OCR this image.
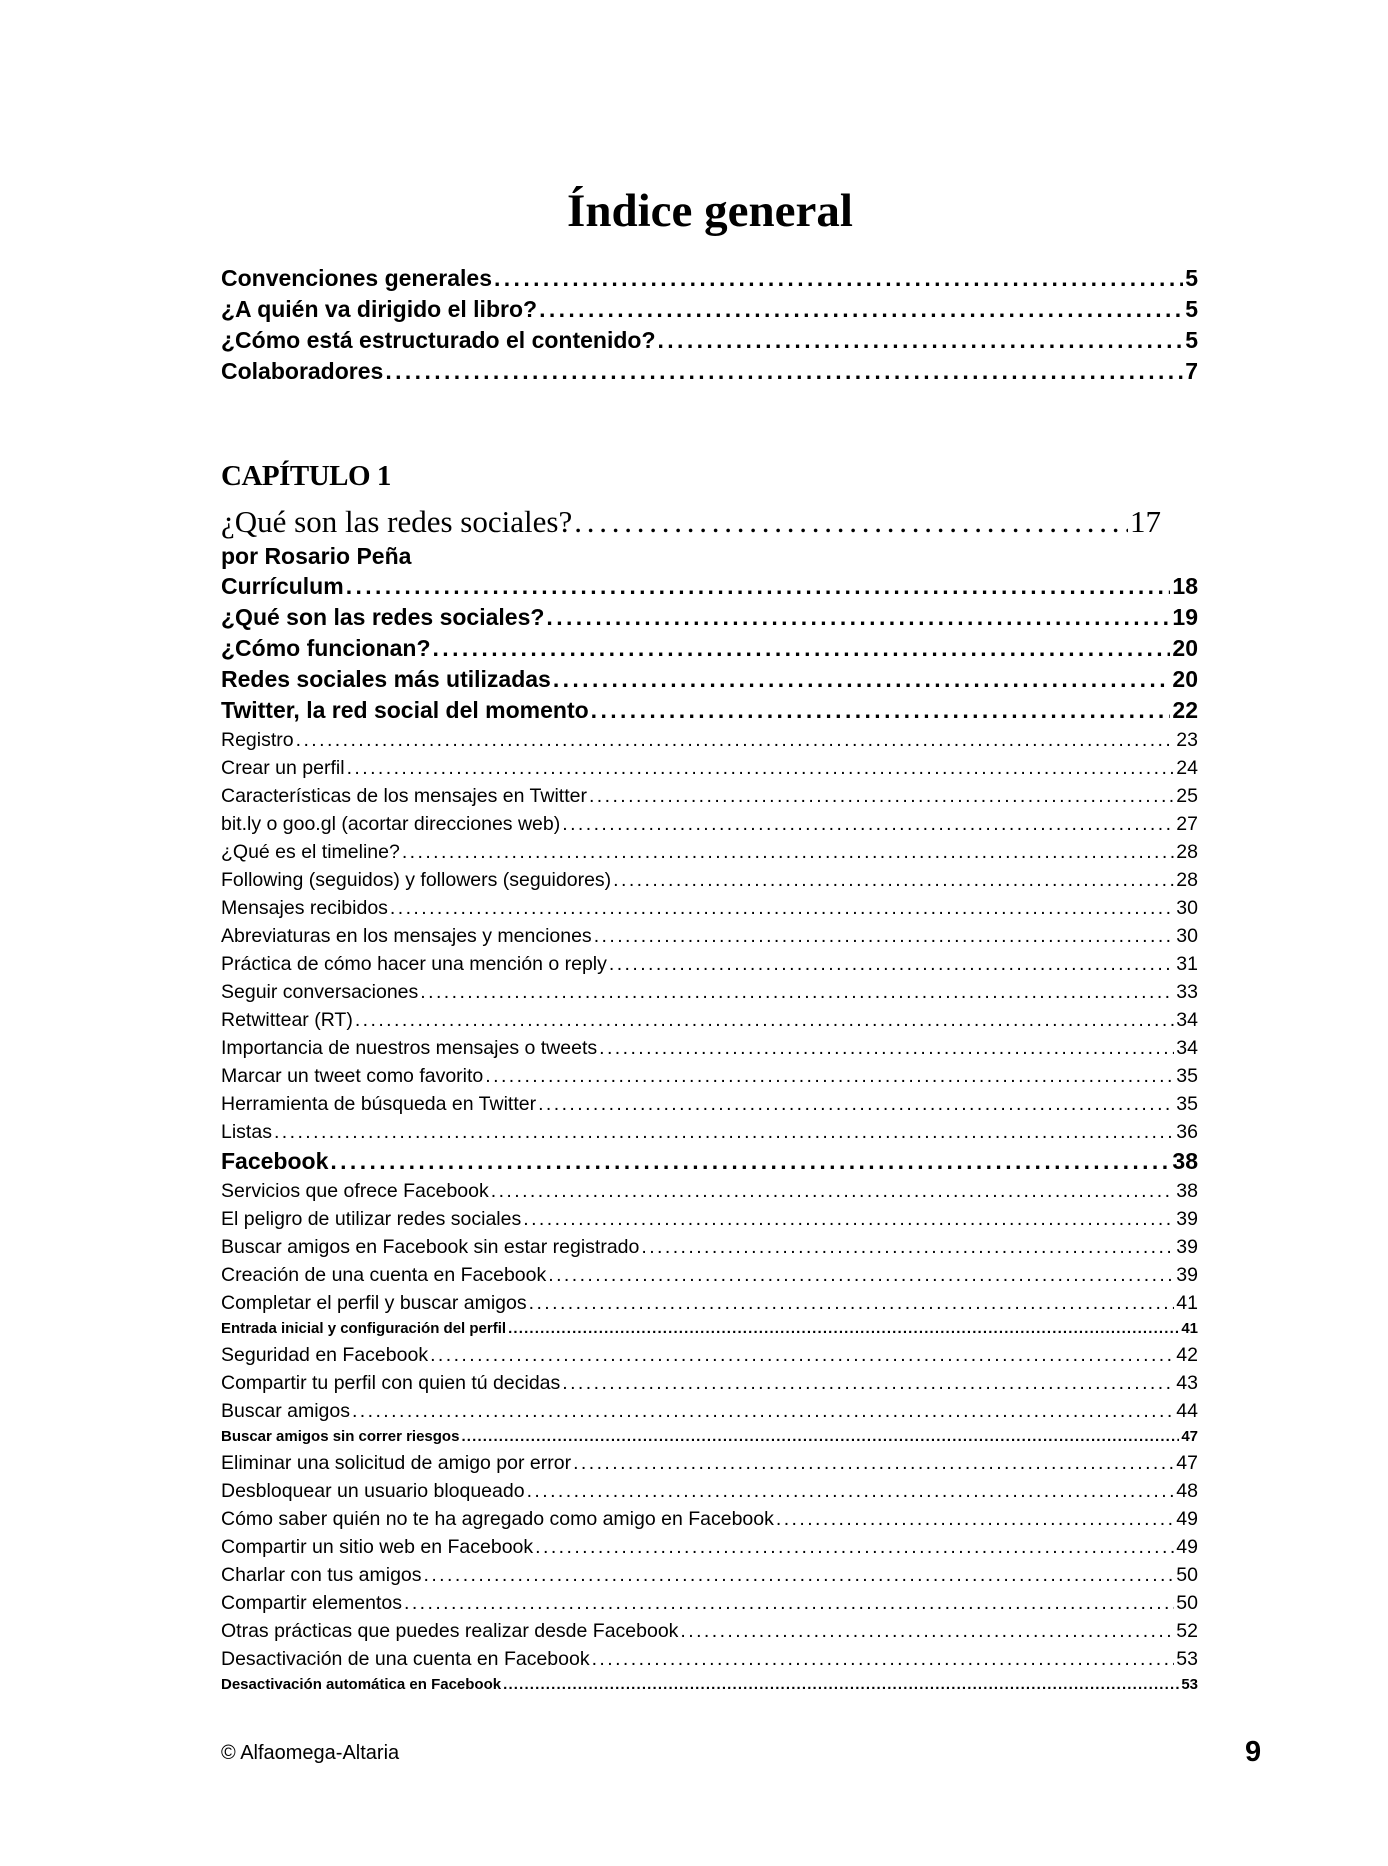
Índice general
Convenciones generales . . .	5
¿A quién va dirigido el libro? . . .	5
¿Cómo está estructurado el contenido? . . .	5
Colaboradores . . .	7
CAPÍTULO 1
¿Qué son las redes sociales? . . .	17
por Rosario Peña
Currículum . . .	18
¿Qué son las redes sociales? . . .	19
¿Cómo funcionan? . . .	20
Redes sociales más utilizadas . . .	20
Twitter, la red social del momento . . .	22
Registro . . .	23
Crear un perfil . . .	24
Características de los mensajes en Twitter . . .	25
bit.ly o goo.gl (acortar direcciones web) . . .	27
¿Qué es el timeline? . . .	28
Following (seguidos) y followers (seguidores) . . .	28
Mensajes recibidos . . .	30
Abreviaturas en los mensajes y menciones . . .	30
Práctica de cómo hacer una mención o reply . . .	31
Seguir conversaciones . . .	33
Retwittear (RT) . . .	34
Importancia de nuestros mensajes o tweets . . .	34
Marcar un tweet como favorito . . .	35
Herramienta de búsqueda en Twitter . . .	35
Listas . . .	36
Facebook . . .	38
Servicios que ofrece Facebook . . .	38
El peligro de utilizar redes sociales . . .	39
Buscar amigos en Facebook sin estar registrado . . .	39
Creación de una cuenta en Facebook . . .	39
Completar el perfil y buscar amigos . . .	41
Entrada inicial y configuración del perfil . . .	41
Seguridad en Facebook . . .	42
Compartir tu perfil con quien tú decidas . . .	43
Buscar amigos . . .	44
Buscar amigos sin correr riesgos . . .	47
Eliminar una solicitud de amigo por error . . .	47
Desbloquear un usuario bloqueado . . .	48
Cómo saber quién no te ha agregado como amigo en Facebook . . .	49
Compartir un sitio web en Facebook . . .	49
Charlar con tus amigos . . .	50
Compartir elementos . . .	50
Otras prácticas que puedes realizar desde Facebook . . .	52
Desactivación de una cuenta en Facebook . . .	53
Desactivación automática en Facebook . . .	53
© Alfaomega-Altaria	9
